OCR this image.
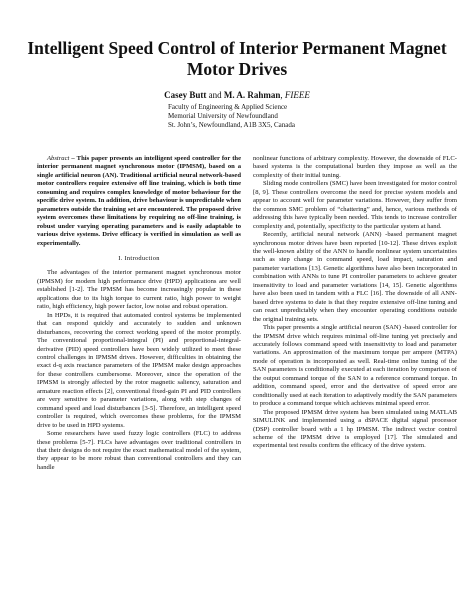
Intelligent Speed Control of Interior Permanent Magnet
Motor Drives
Casey Butt and M. A. Rahman, FIEEE
Faculty of Engineering & Applied Science
Memorial University of Newfoundland
St. John’s, Newfoundland, A1B 3X5, Canada

Abstract – This paper presents an intelligent speed controller for the interior permanent magnet synchronous motor (IPMSM), based on a single artificial neuron (AN). Traditional artificial neural network-based motor controllers require extensive off line training, which is both time consuming and requires complex knowledge of motor behaviour for the specific drive system. In addition, drive behaviour is unpredictable when parameters outside the training set are encountered. The proposed drive system overcomes these limitations by requiring no off-line training, is robust under varying operating parameters and is easily adaptable to various drive systems. Drive efficacy is verified in simulation as well as experimentally.

I. Introduction

The advantages of the interior permanent magnet synchronous motor (IPMSM) for modern high performance drive (HPD) applications are well established [1-2]. The IPMSM has become increasingly popular in these applications due to its high torque to current ratio, high power to weight ratio, high efficiency, high power factor, low noise and robust operation.

In HPDs, it is required that automated control systems be implemented that can respond quickly and accurately to sudden and unknown disturbances, recovering the correct working speed of the motor promptly. The conventional proportional-integral (PI) and proportional-integral-derivative (PID) speed controllers have been widely utilized to meet these control challenges in IPMSM drives. However, difficulties in obtaining the exact d-q axis reactance parameters of the IPMSM make design approaches for these controllers cumbersome. Moreover, since the operation of the IPMSM is strongly affected by the rotor magnetic saliency, saturation and armature reaction effects [2], conventional fixed-gain PI and PID controllers are very sensitive to parameter variations, along with step changes of command speed and load disturbances [3-5]. Therefore, an intelligent speed controller is required, which overcomes these problems, for the IPMSM drive to be used in HPD systems.

Some researchers have used fuzzy logic controllers (FLC) to address these problems [5-7]. FLCs have advantages over traditional controllers in that their designs do not require the exact mathematical model of the system, they appear to be more robust than conventional controllers and they can handle

nonlinear functions of arbitrary complexity. However, the downside of FLC-based systems is the computational burden they impose as well as the complexity of their initial tuning.

Sliding mode controllers (SMC) have been investigated for motor control [8, 9]. These controllers overcome the need for precise system models and appear to account well for parameter variations. However, they suffer from the common SMC problem of “chattering” and, hence, various methods of addressing this have typically been needed. This tends to increase controller complexity and, potentially, specificity to the particular system at hand.

Recently, artificial neural network (ANN) -based permanent magnet synchronous motor drives have been reported [10-12]. These drives exploit the well-known ability of the ANN to handle nonlinear system uncertainties such as step change in command speed, load impact, saturation and parameter variations [13]. Genetic algorithms have also been incorporated in combination with ANNs to tune PI controller parameters to achieve greater insensitivity to load and parameter variations [14, 15]. Genetic algorithms have also been used in tandem with a FLC [16]. The downside of all ANN-based drive systems to date is that they require extensive off-line tuning and can react unpredictably when they encounter operating conditions outside the original training sets.

This paper presents a single artificial neuron (SAN) -based controller for the IPMSM drive which requires minimal off-line tuning yet precisely and accurately follows command speed with insensitivity to load and parameter variations. An approximation of the maximum torque per ampere (MTPA) mode of operation is incorporated as well. Real-time online tuning of the SAN parameters is conditionally executed at each iteration by comparison of the output command torque of the SAN to a reference command torque. In addition, command speed, error and the derivative of speed error are conditionally used at each iteration to adaptively modify the SAN parameters to produce a command torque which achieves minimal speed error.

The proposed IPMSM drive system has been simulated using MATLAB SIMULINK and implemented using a dSPACE digital signal processor (DSP) controller board with a 1 hp IPMSM. The indirect vector control scheme of the IPMSM drive is employed [17]. The simulated and experimental test results confirm the efficacy of the drive system.
